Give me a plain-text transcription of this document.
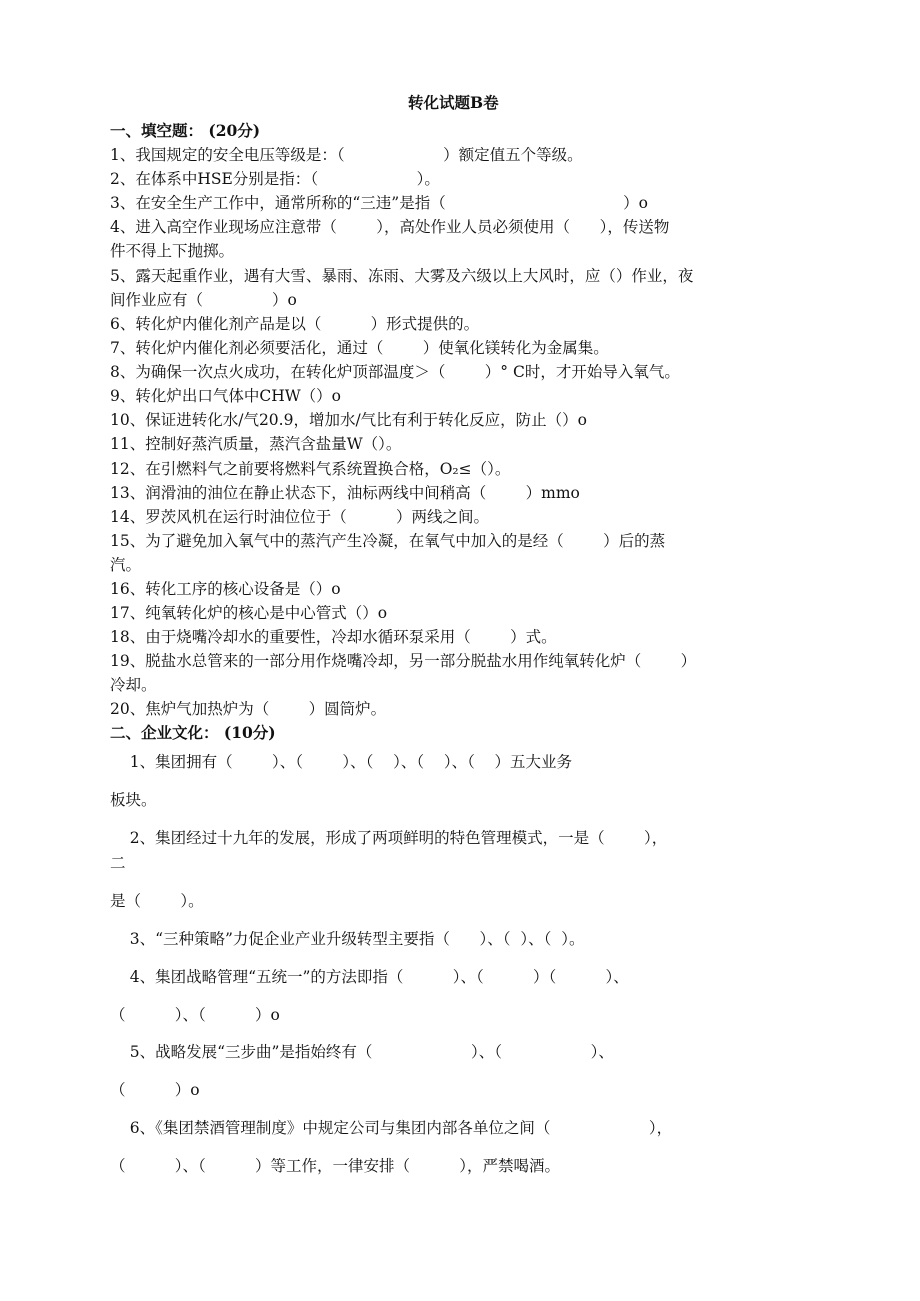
转化试题B卷
一、填空题： (20分)
1、我国规定的安全电压等级是：（                    ）额定值五个等级。
2、在体系中HSE分别是指：（                    ）。
3、在安全生产工作中，通常所称的“三违”是指（                                    ）o
4、进入高空作业现场应注意带（        ），高处作业人员必须使用（      ），传送物
件不得上下抛掷。
5、露天起重作业，遇有大雪、暴雨、冻雨、大雾及六级以上大风时，应（）作业，夜
间作业应有（              ）o
6、转化炉内催化剂产品是以（          ）形式提供的。
7、转化炉内催化剂必须要活化，通过（        ）使氧化镁转化为金属集。
8、为确保一次点火成功，在转化炉顶部温度＞（        ）° C时，才开始导入氧气。
9、转化炉出口气体中CHW（）o
10、保证进转化水/气20.9，增加水/气比有利于转化反应，防止（）o
11、控制好蒸汽质量，蒸汽含盐量W（）。
12、在引燃料气之前要将燃料气系统置换合格，O₂≤（）。
13、润滑油的油位在静止状态下，油标两线中间稍高（        ）mmo
14、罗茨风机在运行时油位位于（          ）两线之间。
15、为了避免加入氧气中的蒸汽产生冷凝，在氧气中加入的是经（        ）后的蒸
汽。
16、转化工序的核心设备是（）o
17、纯氧转化炉的核心是中心管式（）o
18、由于烧嘴冷却水的重要性，冷却水循环泵采用（        ）式。
19、脱盐水总管来的一部分用作烧嘴冷却，另一部分脱盐水用作纯氧转化炉（        ）
冷却。
20、焦炉气加热炉为（        ）圆筒炉。
二、企业文化： (10分)
1、集团拥有（        ）、（        ）、（    ）、（    ）、（    ）五大业务
板块。
2、集团经过十九年的发展，形成了两项鲜明的特色管理模式，一是（        ），
二
是（        ）。
3、“三种策略”力促企业产业升级转型主要指（      ）、（  ）、（  ）。
4、集团战略管理“五统一”的方法即指（          ）、（          ）（          ）、
（          ）、（          ）o
5、战略发展“三步曲”是指始终有（                    ）、（                  ）、
（          ）o
6、《集团禁酒管理制度》中规定公司与集团内部各单位之间（                    ），
（          ）、（          ）等工作，一律安排（          ），严禁喝酒。
